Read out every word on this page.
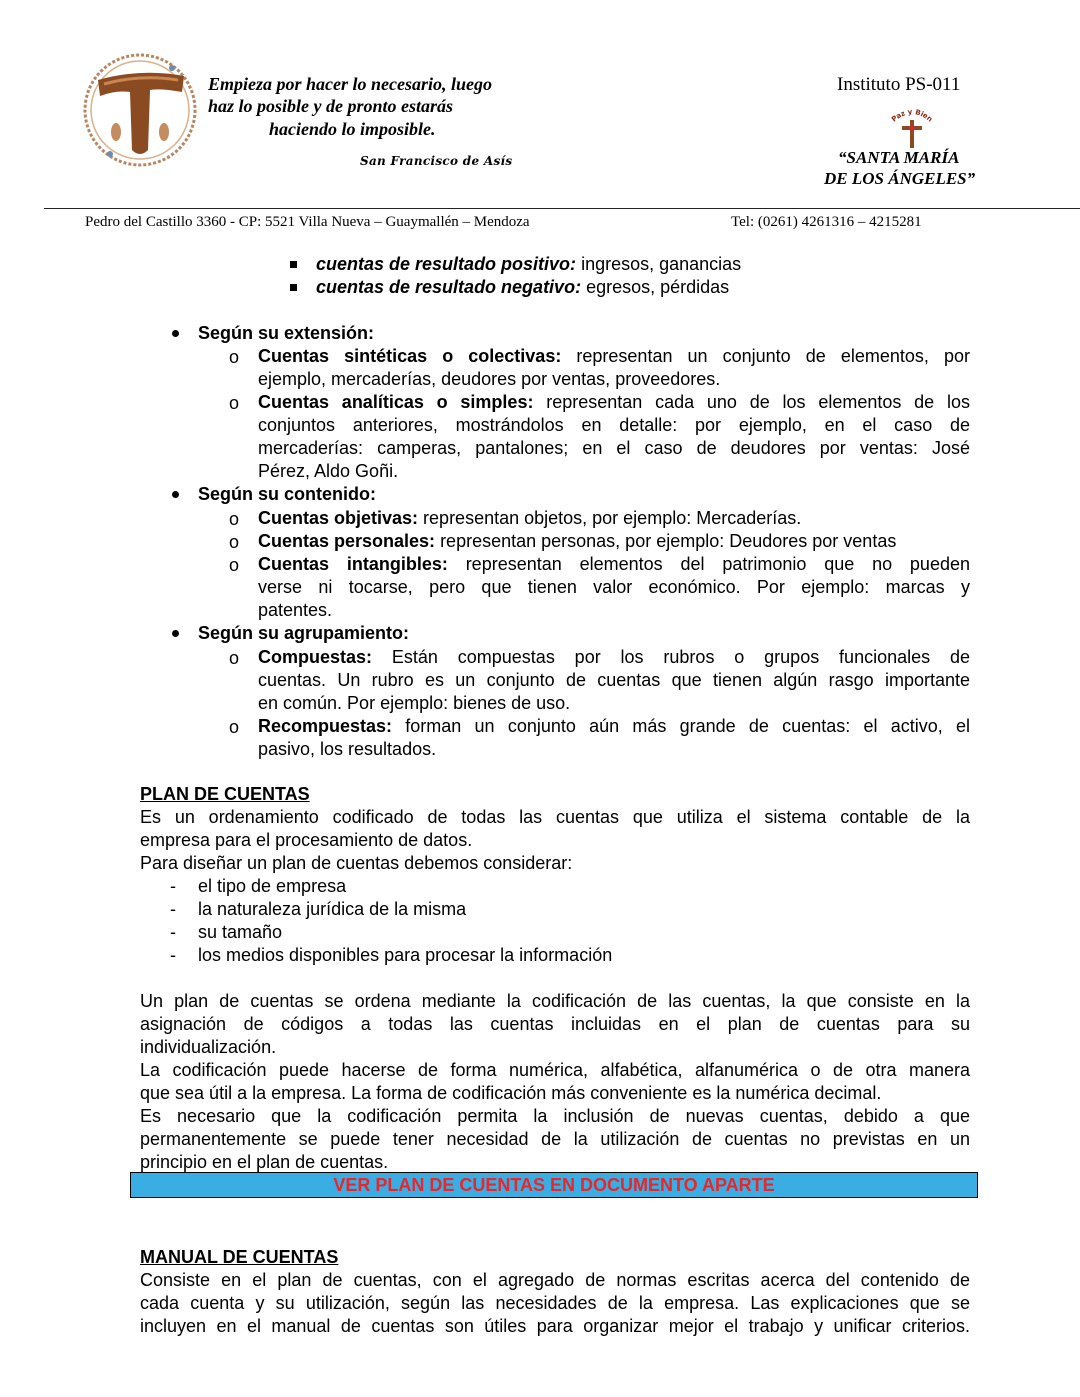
Empieza por hacer lo necesario, luego
haz lo posible y de pronto estarás
haciendo lo imposible.
San Francisco de Asís
Instituto PS-011
Paz y Bien
“SANTA MARÍA
DE LOS ÁNGELES”
Pedro del Castillo 3360 - CP: 5521 Villa Nueva – Guaymallén – Mendoza	Tel: (0261) 4261316 – 4215281
cuentas de resultado positivo: ingresos, ganancias
cuentas de resultado negativo: egresos, pérdidas
Según su extensión:
o Cuentas sintéticas o colectivas: representan un conjunto de elementos, por
ejemplo, mercaderías, deudores por ventas, proveedores.
o Cuentas analíticas o simples: representan cada uno de los elementos de los
conjuntos anteriores, mostrándolos en detalle: por ejemplo, en el caso de
mercaderías: camperas, pantalones; en el caso de deudores por ventas: José
Pérez, Aldo Goñi.
Según su contenido:
o Cuentas objetivas: representan objetos, por ejemplo: Mercaderías.
o Cuentas personales: representan personas, por ejemplo: Deudores por ventas
o Cuentas intangibles: representan elementos del patrimonio que no pueden
verse ni tocarse, pero que tienen valor económico. Por ejemplo: marcas y
patentes.
Según su agrupamiento:
o Compuestas: Están compuestas por los rubros o grupos funcionales de
cuentas. Un rubro es un conjunto de cuentas que tienen algún rasgo importante
en común. Por ejemplo: bienes de uso.
o Recompuestas: forman un conjunto aún más grande de cuentas: el activo, el
pasivo, los resultados.
PLAN DE CUENTAS
Es un ordenamiento codificado de todas las cuentas que utiliza el sistema contable de la
empresa para el procesamiento de datos.
Para diseñar un plan de cuentas debemos considerar:
- el tipo de empresa
- la naturaleza jurídica de la misma
- su tamaño
- los medios disponibles para procesar la información
Un plan de cuentas se ordena mediante la codificación de las cuentas, la que consiste en la
asignación de códigos a todas las cuentas incluidas en el plan de cuentas para su
individualización.
La codificación puede hacerse de forma numérica, alfabética, alfanumérica o de otra manera
que sea útil a la empresa. La forma de codificación más conveniente es la numérica decimal.
Es necesario que la codificación permita la inclusión de nuevas cuentas, debido a que
permanentemente se puede tener necesidad de la utilización de cuentas no previstas en un
principio en el plan de cuentas.
VER PLAN DE CUENTAS EN DOCUMENTO APARTE
MANUAL DE CUENTAS
Consiste en el plan de cuentas, con el agregado de normas escritas acerca del contenido de
cada cuenta y su utilización, según las necesidades de la empresa. Las explicaciones que se
incluyen en el manual de cuentas son útiles para organizar mejor el trabajo y unificar criterios.
